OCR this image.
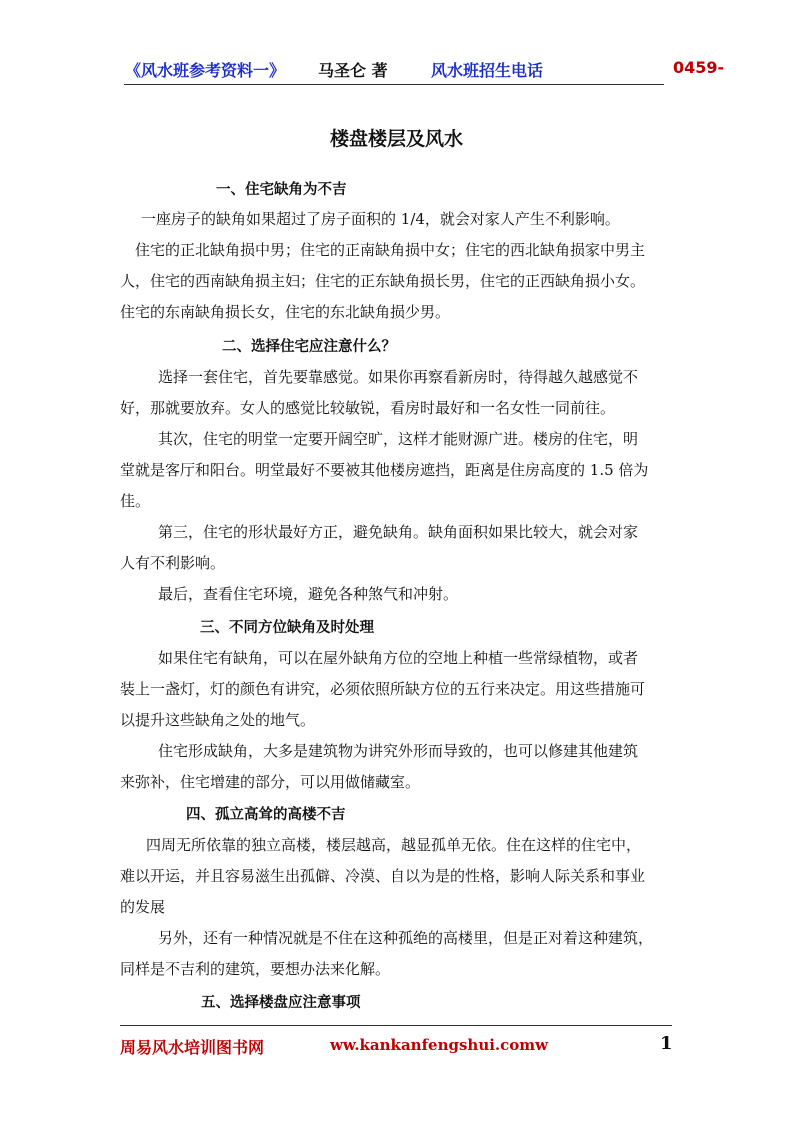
《风水班参考资料一》 马圣仑 著	风水班招生电话	0459-
楼盘楼层及风水
一、住宅缺角为不吉
一座房子的缺角如果超过了房子面积的 1/4，就会对家人产生不利影响。
住宅的正北缺角损中男；住宅的正南缺角损中女；住宅的西北缺角损家中男主
人，住宅的西南缺角损主妇；住宅的正东缺角损长男，住宅的正西缺角损小女。
住宅的东南缺角损长女，住宅的东北缺角损少男。
二、选择住宅应注意什么？
选择一套住宅，首先要靠感觉。如果你再察看新房时，待得越久越感觉不
好，那就要放弃。女人的感觉比较敏锐，看房时最好和一名女性一同前往。
其次，住宅的明堂一定要开阔空旷，这样才能财源广进。楼房的住宅，明
堂就是客厅和阳台。明堂最好不要被其他楼房遮挡，距离是住房高度的 1.5 倍为
佳。
第三，住宅的形状最好方正，避免缺角。缺角面积如果比较大，就会对家
人有不利影响。
最后，查看住宅环境，避免各种煞气和冲射。
三、不同方位缺角及时处理
如果住宅有缺角，可以在屋外缺角方位的空地上种植一些常绿植物，或者
装上一盏灯，灯的颜色有讲究，必须依照所缺方位的五行来决定。用这些措施可
以提升这些缺角之处的地气。
住宅形成缺角，大多是建筑物为讲究外形而导致的，也可以修建其他建筑
来弥补，住宅增建的部分，可以用做储藏室。
四、孤立高耸的高楼不吉
四周无所依靠的独立高楼，楼层越高，越显孤单无依。住在这样的住宅中，
难以开运，并且容易滋生出孤僻、冷漠、自以为是的性格，影响人际关系和事业
的发展
另外，还有一种情况就是不住在这种孤绝的高楼里，但是正对着这种建筑，
同样是不吉利的建筑，要想办法来化解。
五、选择楼盘应注意事项
周易风水培训图书网	ww.kankanfengshui.comw	1
